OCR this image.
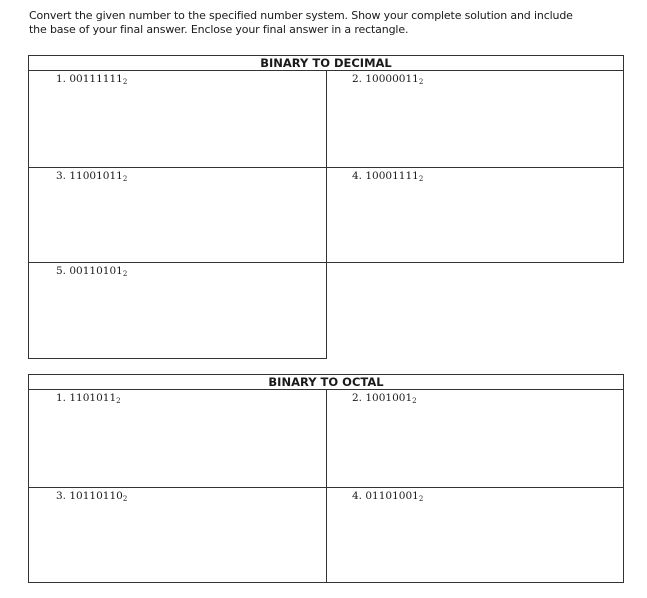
Convert the given number to the specified number system. Show your complete solution and include
the base of your final answer. Enclose your final answer in a rectangle.
BINARY TO DECIMAL
1. $00111111_2$	2. $10000011_2$
3. $11001011_2$	4. $10001111_2$
5. $00110101_2$
BINARY TO OCTAL
1. $1101011_2$	2. $1001001_2$
3. $10110110_2$	4. $01101001_2$
